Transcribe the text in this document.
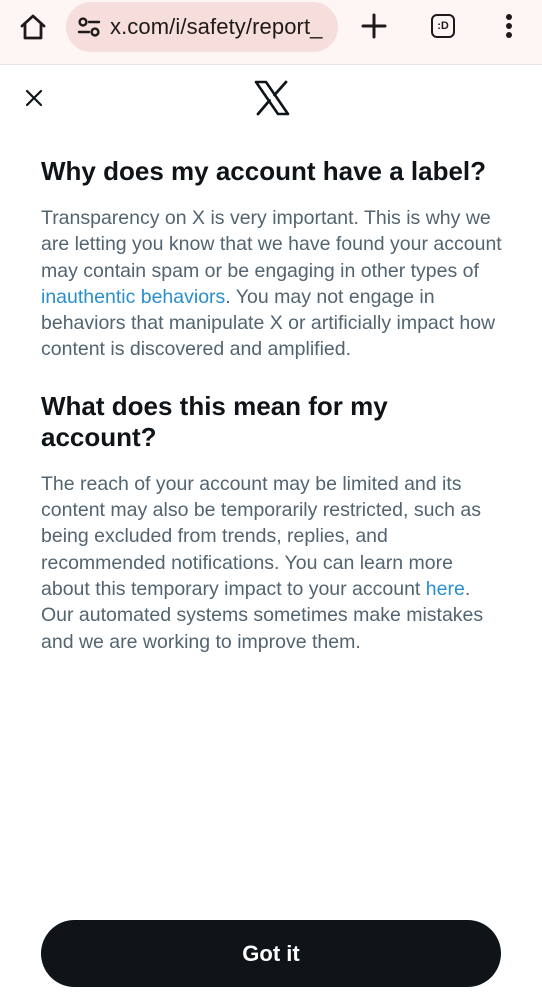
x.com/i/safety/report_	:D
Why does my account have a label?

Transparency on X is very important. This is why we are letting you know that we have found your account may contain spam or be engaging in other types of inauthentic behaviors. You may not engage in behaviors that manipulate X or artificially impact how content is discovered and amplified.

What does this mean for my account?

The reach of your account may be limited and its content may also be temporarily restricted, such as being excluded from trends, replies, and recommended notifications. You can learn more about this temporary impact to your account here. Our automated systems sometimes make mistakes and we are working to improve them.

Got it
